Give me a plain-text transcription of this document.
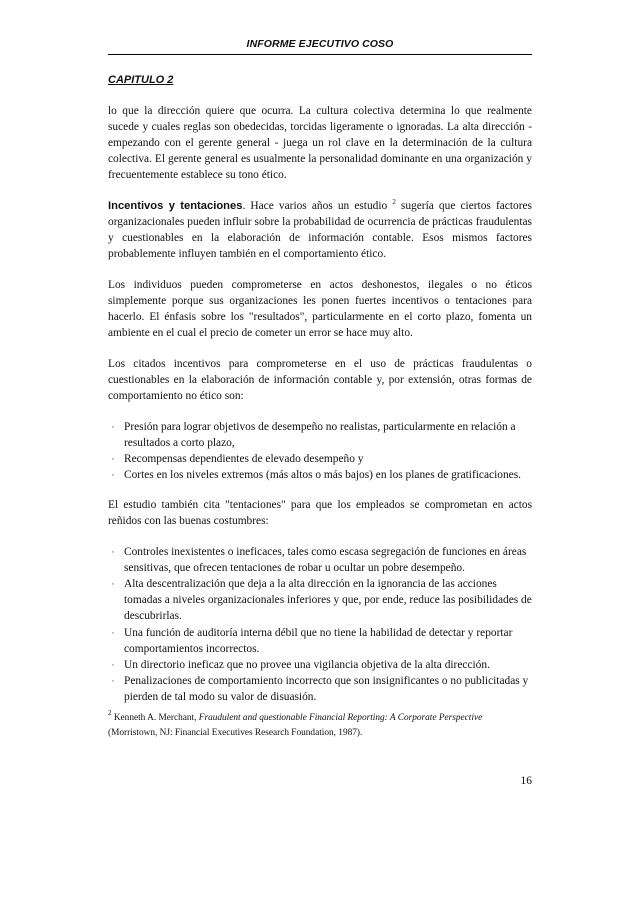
INFORME EJECUTIVO COSO
CAPITULO 2

lo que la dirección quiere que ocurra. La cultura colectiva determina lo que realmente sucede y cuales reglas son obedecidas, torcidas ligeramente o ignoradas. La alta dirección - empezando con el gerente general - juega un rol clave en la determinación de la cultura colectiva. El gerente general es usualmente la personalidad dominante en una organización y frecuentemente establece su tono ético.

Incentivos y tentaciones. Hace varios años un estudio $^2$ sugería que ciertos factores organizacionales pueden influir sobre la probabilidad de ocurrencia de prácticas fraudulentas y cuestionables en la elaboración de información contable. Esos mismos factores probablemente influyen también en el comportamiento ético.

Los individuos pueden comprometerse en actos deshonestos, ilegales o no éticos simplemente porque sus organizaciones les ponen fuertes incentivos o tentaciones para hacerlo. El énfasis sobre los "resultados", particularmente en el corto plazo, fomenta un ambiente en el cual el precio de cometer un error se hace muy alto.

Los citados incentivos para comprometerse en el uso de prácticas fraudulentas o cuestionables en la elaboración de información contable y, por extensión, otras formas de comportamiento no ético son:

· Presión para lograr objetivos de desempeño no realistas, particularmente en relación a resultados a corto plazo,
· Recompensas dependientes de elevado desempeño y
· Cortes en los niveles extremos (más altos o más bajos) en los planes de gratificaciones.

El estudio también cita "tentaciones" para que los empleados se comprometan en actos reñidos con las buenas costumbres:

· Controles inexistentes o ineficaces, tales como escasa segregación de funciones en áreas sensitivas, que ofrecen tentaciones de robar u ocultar un pobre desempeño.
· Alta descentralización que deja a la alta dirección en la ignorancia de las acciones tomadas a niveles organizacionales inferiores y que, por ende, reduce las posibilidades de descubrirlas.
· Una función de auditoría interna débil que no tiene la habilidad de detectar y reportar comportamientos incorrectos.
· Un directorio ineficaz que no provee una vigilancia objetiva de la alta dirección.
· Penalizaciones de comportamiento incorrecto que son insignificantes o no publicitadas y pierden de tal modo su valor de disuasión.
$^2$ Kenneth A. Merchant, Fraudulent and questionable Financial Reporting: A Corporate Perspective (Morristown, NJ: Financial Executives Research Foundation, 1987).
16
